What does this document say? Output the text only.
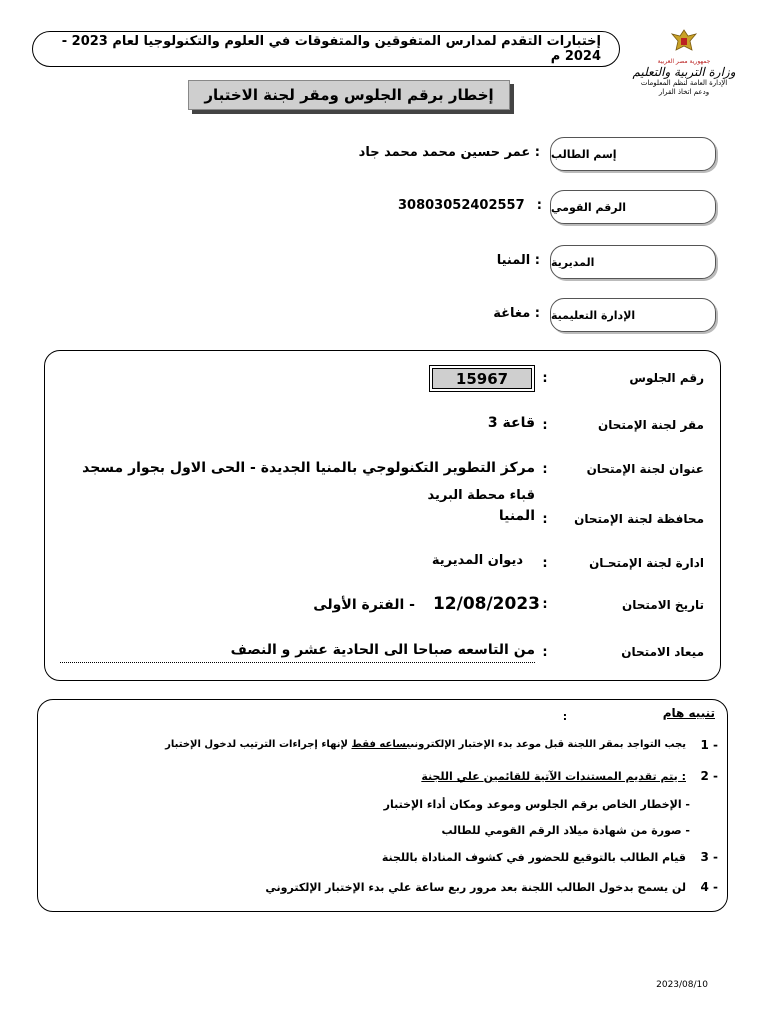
إختبارات التقدم لمدارس المتفوقين والمتفوقات في العلوم والتكنولوجيا لعام 2023 - 2024 م	جمهورية مصر العربية
وزارة التربية والتعليم
الإدارة العامة لنظم المعلومات
ودعم اتخاذ القرار
إخطار برقم الجلوس ومقر لجنة الاختبار
إسم الطالب
: عمر حسين محمد محمد جاد
الرقم القومي
30803052402557 :
المديرية
: المنيا
الإدارة التعليمية
: مغاغة
رقم الجلوس
:
15967
مقر لجنة الإمتحان
:
قاعة 3
عنوان لجنة الإمتحان
:
مركز التطوير التكنولوجي بالمنيا الجديدة - الحى الاول بجوار مسجد
قباء محطة البريد
محافظة لجنة الإمتحان
:
المنيا
ادارة لجنة الإمتحـان
:
ديوان المديرية
تاريخ الامتحان
:
12/08/2023
- الفترة الأولى
ميعاد الامتحان
:
من التاسعه صباحا الى الحادية عشر و النصف
تنبيه هام
:
1 -
يجب التواجد بمقر اللجنة قبل موعد بدء الإختبار الإلكترونىبساعه فقط لإنهاء إجراءات الترتيب لدخول الإختبار
2 -
: يتم تقديم المستندات الآتية للقائمين علي اللجنة
- الإخطار الخاص برقم الجلوس وموعد ومكان أداء الإختبار
- صورة من شهادة ميلاد الرقم القومي للطالب
3 -
قيام الطالب بالتوقيع للحضور في كشوف المناداة باللجنة
4 -
لن يسمح بدخول الطالب اللجنة بعد مرور ربع ساعة علي بدء الإختبار الإلكتروني
2023/08/10
